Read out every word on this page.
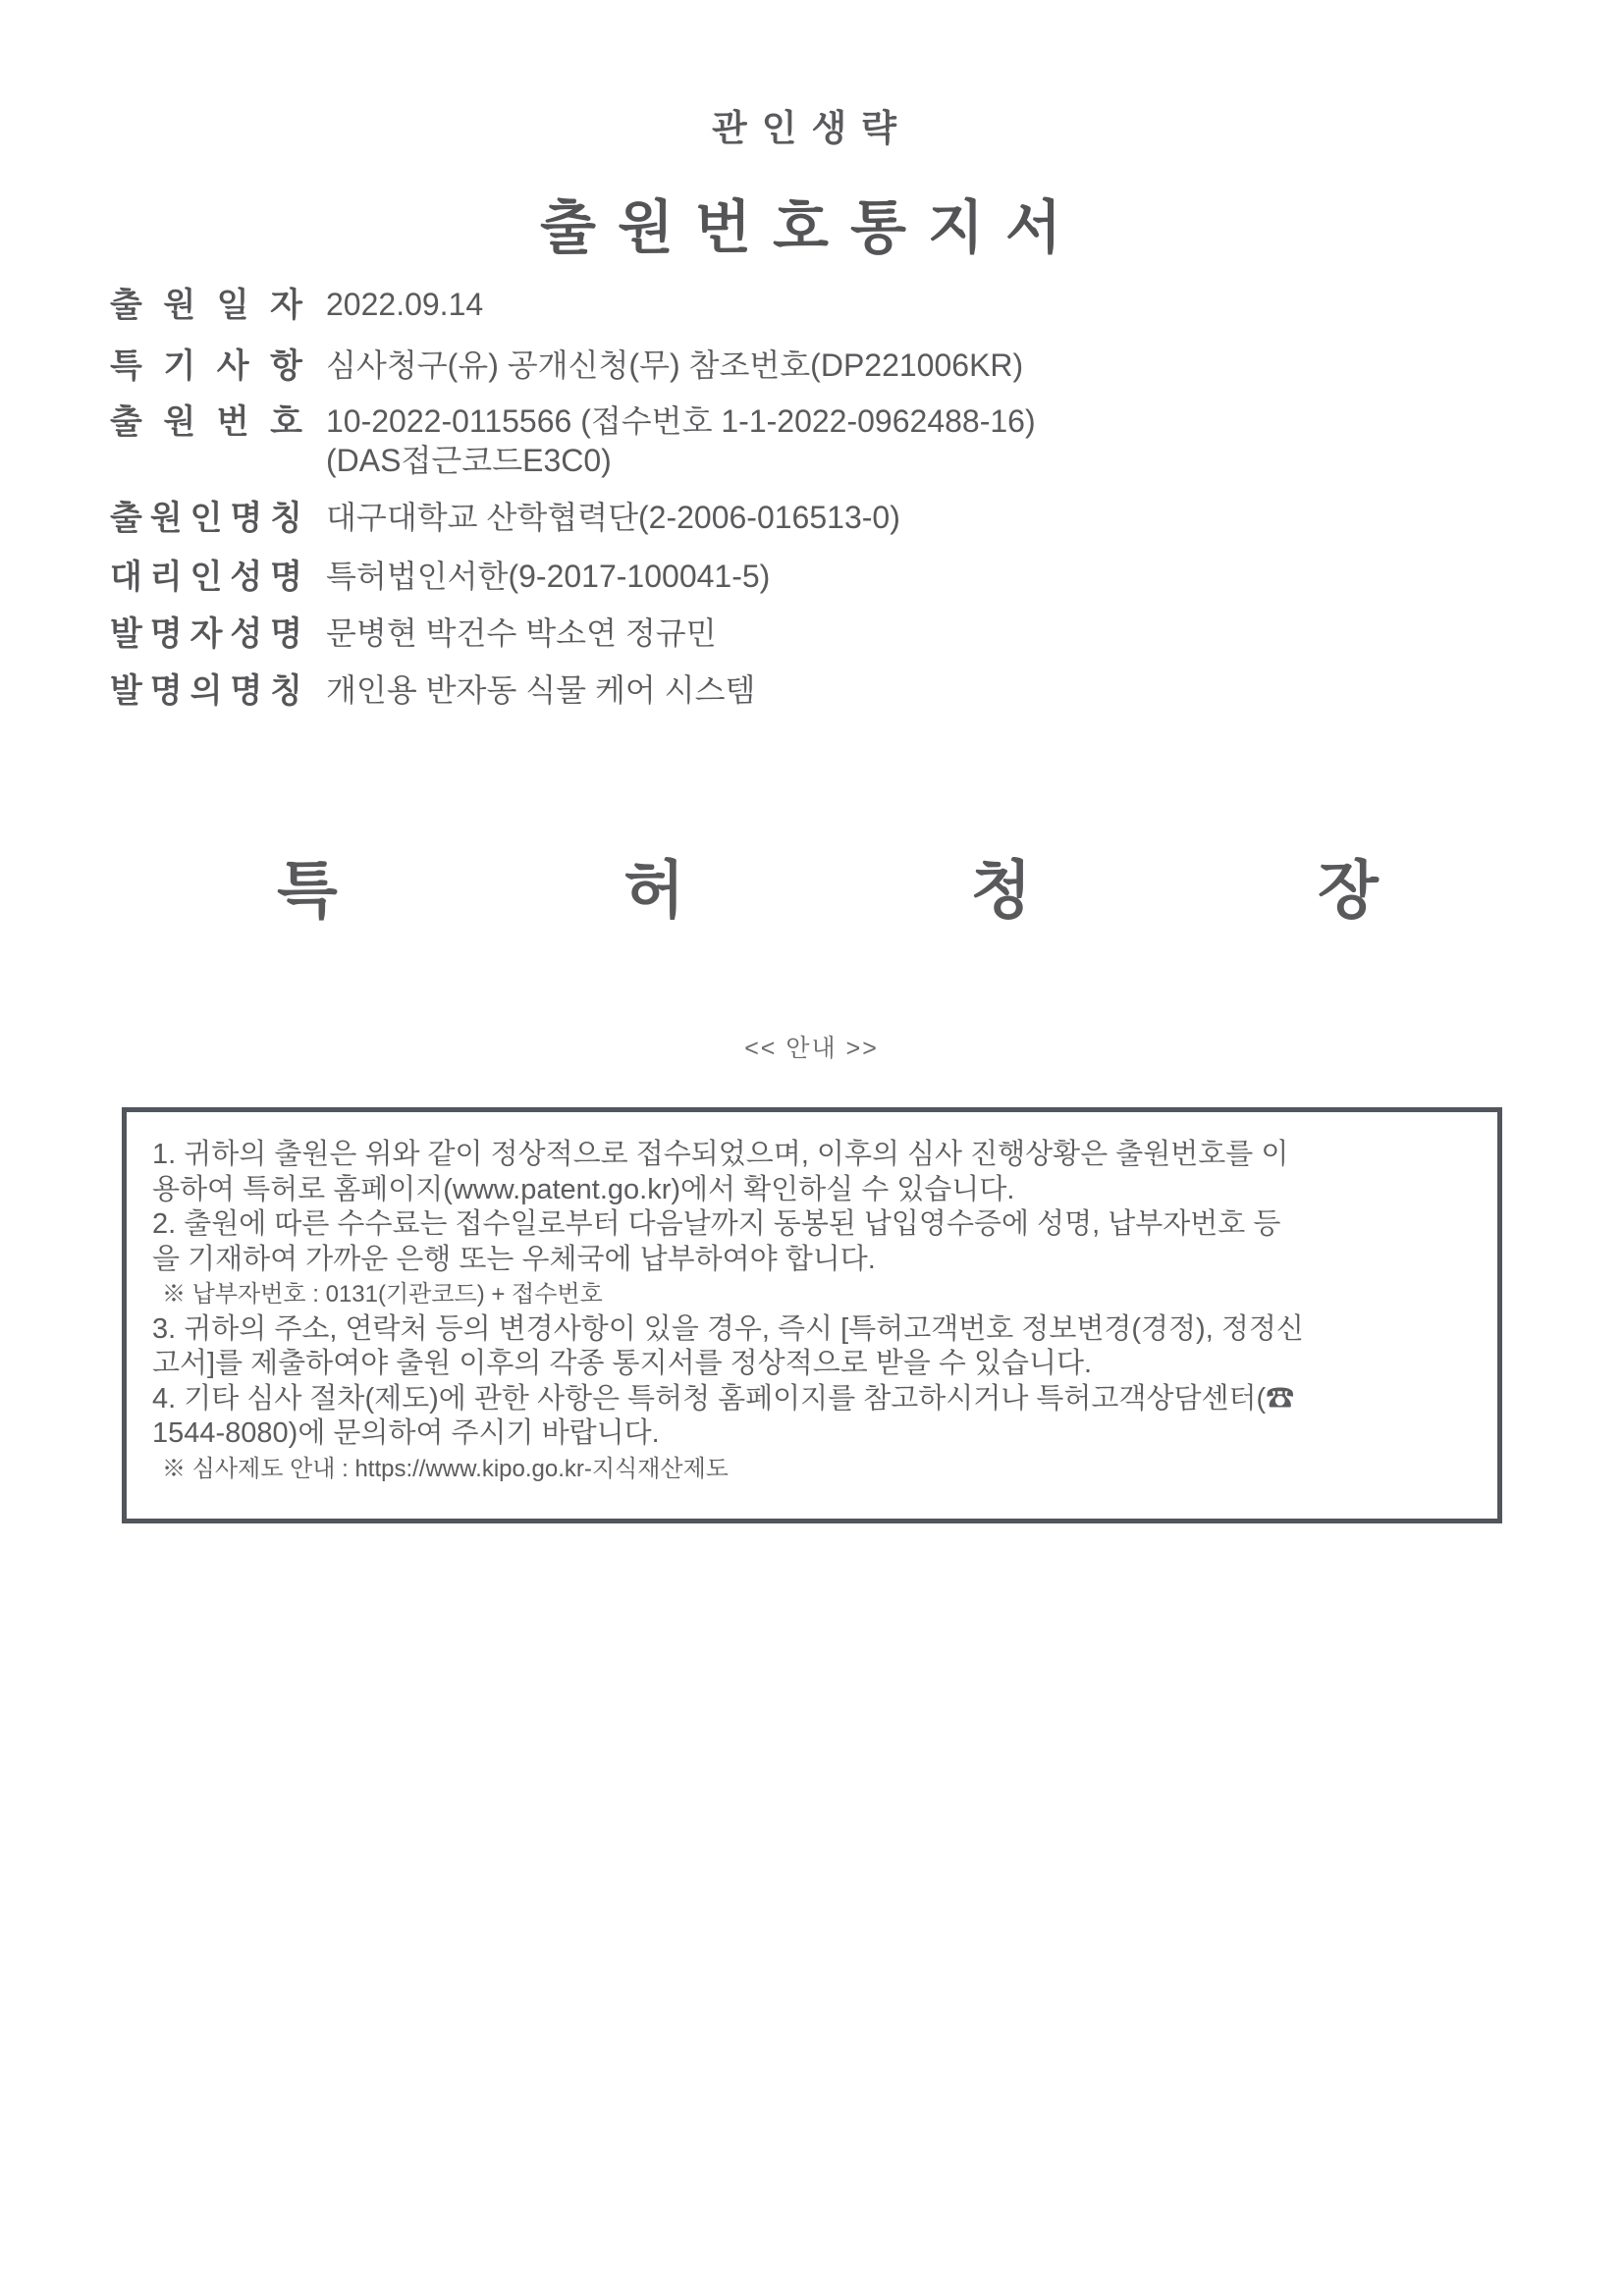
관인생략
출원번호통지서
출 원 일 자 2022.09.14
특 기 사 항 심사청구(유) 공개신청(무) 참조번호(DP221006KR)
출 원 번 호 10-2022-0115566 (접수번호 1-1-2022-0962488-16)
(DAS접근코드E3C0)
출 원 인 명 칭 대구대학교 산학협력단(2-2006-016513-0)
대 리 인 성 명 특허법인서한(9-2017-100041-5)
발 명 자 성 명 문병현 박건수 박소연 정규민
발 명 의 명 칭 개인용 반자동 식물 케어 시스템
특	허	청	장
<< 안내 >>
1. 귀하의 출원은 위와 같이 정상적으로 접수되었으며, 이후의 심사 진행상황은 출원번호를 이
용하여 특허로 홈페이지(www.patent.go.kr)에서 확인하실 수 있습니다.
2. 출원에 따른 수수료는 접수일로부터 다음날까지 동봉된 납입영수증에 성명, 납부자번호 등
을 기재하여 가까운 은행 또는 우체국에 납부하여야 합니다.
※ 납부자번호 : 0131(기관코드) + 접수번호
3. 귀하의 주소, 연락처 등의 변경사항이 있을 경우, 즉시 [특허고객번호 정보변경(경정), 정정신
고서]를 제출하여야 출원 이후의 각종 통지서를 정상적으로 받을 수 있습니다.
4. 기타 심사 절차(제도)에 관한 사항은 특허청 홈페이지를 참고하시거나 특허고객상담센터(☎
1544-8080)에 문의하여 주시기 바랍니다.
※ 심사제도 안내 : https://www.kipo.go.kr-지식재산제도
